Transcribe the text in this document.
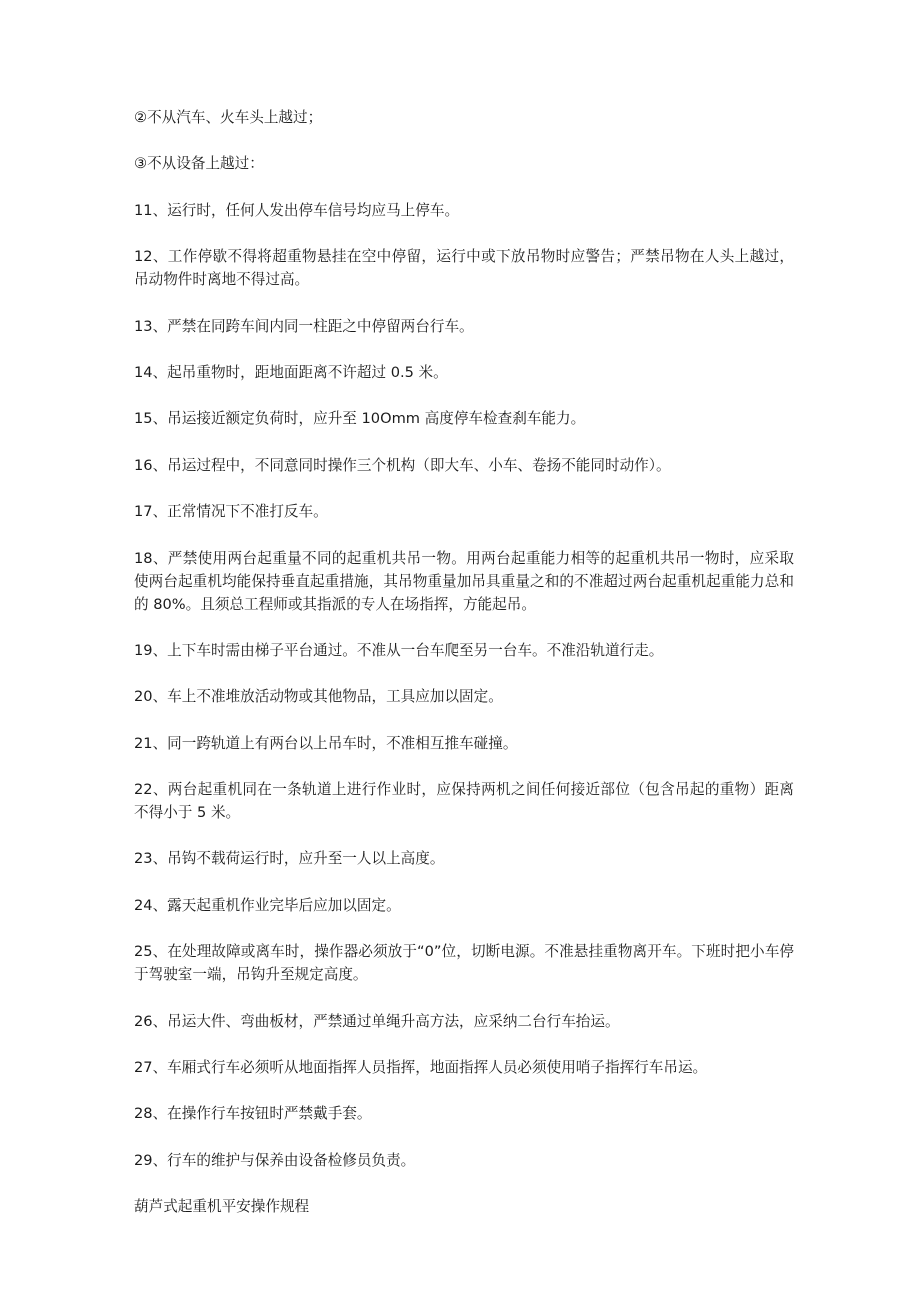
②不从汽车、火车头上越过；

③不从设备上越过：

11、运行时，任何人发出停车信号均应马上停车。

12、工作停歇不得将超重物悬挂在空中停留，运行中或下放吊物时应警告；严禁吊物在人头上越过，吊动物件时离地不得过高。

13、严禁在同跨车间内同一柱距之中停留两台行车。

14、起吊重物时，距地面距离不许超过 0.5 米。

15、吊运接近额定负荷时，应升至 10Omm 高度停车检查刹车能力。

16、吊运过程中，不同意同时操作三个机构（即大车、小车、卷扬不能同时动作）。

17、正常情况下不准打反车。

18、严禁使用两台起重量不同的起重机共吊一物。用两台起重能力相等的起重机共吊一物时，应采取使两台起重机均能保持垂直起重措施，其吊物重量加吊具重量之和的不准超过两台起重机起重能力总和的 80%。且须总工程师或其指派的专人在场指挥，方能起吊。

19、上下车时需由梯子平台通过。不准从一台车爬至另一台车。不准沿轨道行走。

20、车上不准堆放活动物或其他物品，工具应加以固定。

21、同一跨轨道上有两台以上吊车时，不准相互推车碰撞。

22、两台起重机同在一条轨道上进行作业时，应保持两机之间任何接近部位（包含吊起的重物）距离不得小于 5 米。

23、吊钩不载荷运行时，应升至一人以上高度。

24、露天起重机作业完毕后应加以固定。

25、在处理故障或离车时，操作器必须放于“0”位，切断电源。不准悬挂重物离开车。下班时把小车停于驾驶室一端，吊钩升至规定高度。

26、吊运大件、弯曲板材，严禁通过单绳升高方法，应采纳二台行车抬运。

27、车厢式行车必须听从地面指挥人员指挥，地面指挥人员必须使用哨子指挥行车吊运。

28、在操作行车按钮时严禁戴手套。

29、行车的维护与保养由设备检修员负责。

葫芦式起重机平安操作规程
